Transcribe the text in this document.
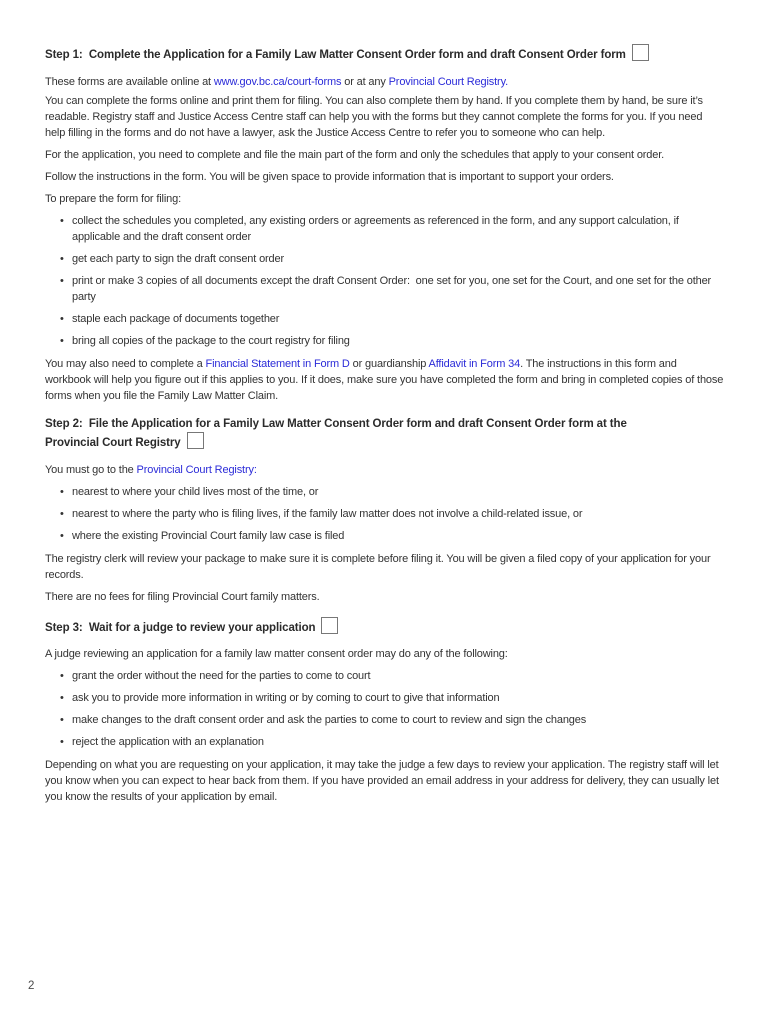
Step 1:  Complete the Application for a Family Law Matter Consent Order form and draft Consent Order form

These forms are available online at www.gov.bc.ca/court-forms or at any Provincial Court Registry.

You can complete the forms online and print them for filing. You can also complete them by hand. If you complete them by hand, be sure it’s readable. Registry staff and Justice Access Centre staff can help you with the forms but they cannot complete the forms for you. If you need help filling in the forms and do not have a lawyer, ask the Justice Access Centre to refer you to someone who can help.

For the application, you need to complete and file the main part of the form and only the schedules that apply to your consent order.

Follow the instructions in the form. You will be given space to provide information that is important to support your orders.

To prepare the form for filing:

• collect the schedules you completed, any existing orders or agreements as referenced in the form, and any support calculation, if applicable and the draft consent order
• get each party to sign the draft consent order
• print or make 3 copies of all documents except the draft Consent Order:  one set for you, one set for the Court, and one set for the other party
• staple each package of documents together
• bring all copies of the package to the court registry for filing

You may also need to complete a Financial Statement in Form D or guardianship Affidavit in Form 34. The instructions in this form and workbook will help you figure out if this applies to you. If it does, make sure you have completed the form and bring in completed copies of those forms when you file the Family Law Matter Claim.

Step 2:  File the Application for a Family Law Matter Consent Order form and draft Consent Order form at the
Provincial Court Registry

You must go to the Provincial Court Registry:

• nearest to where your child lives most of the time, or
• nearest to where the party who is filing lives, if the family law matter does not involve a child-related issue, or
• where the existing Provincial Court family law case is filed

The registry clerk will review your package to make sure it is complete before filing it. You will be given a filed copy of your application for your records.

There are no fees for filing Provincial Court family matters.

Step 3:  Wait for a judge to review your application

A judge reviewing an application for a family law matter consent order may do any of the following:

• grant the order without the need for the parties to come to court
• ask you to provide more information in writing or by coming to court to give that information
• make changes to the draft consent order and ask the parties to come to court to review and sign the changes
• reject the application with an explanation

Depending on what you are requesting on your application, it may take the judge a few days to review your application. The registry staff will let you know when you can expect to hear back from them. If you have provided an email address in your address for delivery, they can usually let you know the results of your application by email.

2
